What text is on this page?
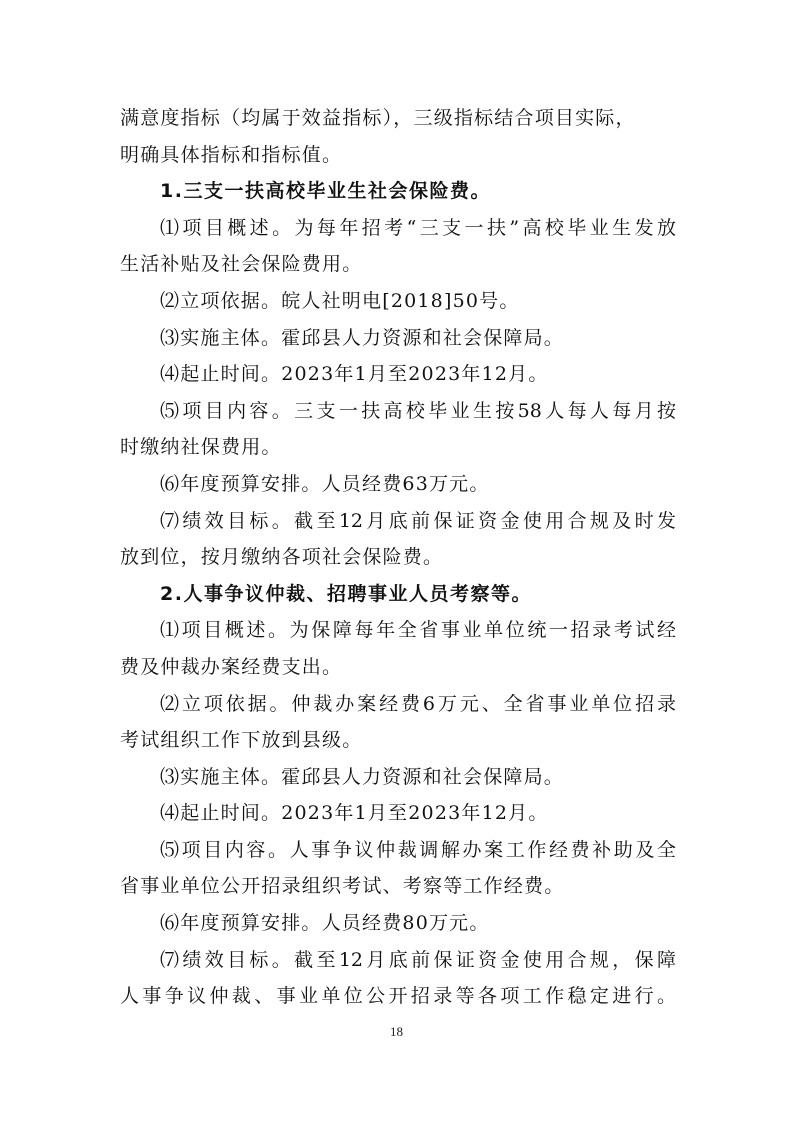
满意度指标（均属于效益指标），三级指标结合项目实际，
明确具体指标和指标值。
1.三支一扶高校毕业生社会保险费。
⑴项目概述。为每年招考“三支一扶”高校毕业生发放
生活补贴及社会保险费用。
⑵立项依据。皖人社明电[2018]50号。
⑶实施主体。霍邱县人力资源和社会保障局。
⑷起止时间。2023年1月至2023年12月。
⑸项目内容。三支一扶高校毕业生按58人每人每月按
时缴纳社保费用。
⑹年度预算安排。人员经费63万元。
⑺绩效目标。截至12月底前保证资金使用合规及时发
放到位，按月缴纳各项社会保险费。
2.人事争议仲裁、招聘事业人员考察等。
⑴项目概述。为保障每年全省事业单位统一招录考试经
费及仲裁办案经费支出。
⑵立项依据。仲裁办案经费6万元、全省事业单位招录
考试组织工作下放到县级。
⑶实施主体。霍邱县人力资源和社会保障局。
⑷起止时间。2023年1月至2023年12月。
⑸项目内容。人事争议仲裁调解办案工作经费补助及全
省事业单位公开招录组织考试、考察等工作经费。
⑹年度预算安排。人员经费80万元。
⑺绩效目标。截至12月底前保证资金使用合规，保障
人事争议仲裁、事业单位公开招录等各项工作稳定进行。
18
